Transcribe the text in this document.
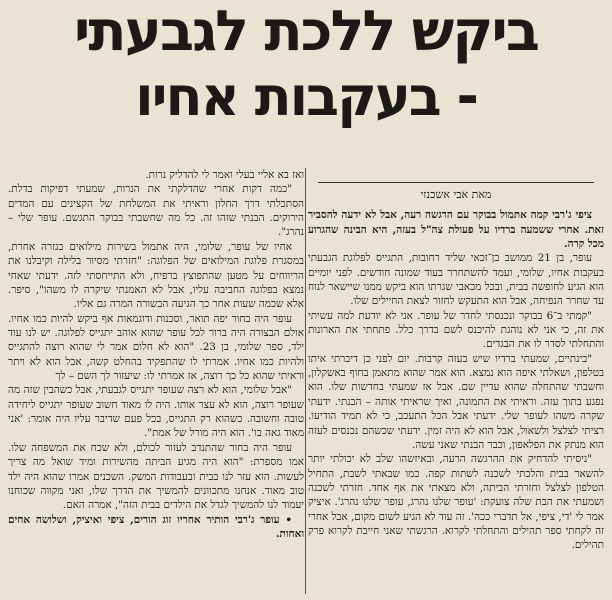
ביקש ללכת לגבעתי
- בעקבות אחיו
מאת אבי אשכנזי

ציפי ג'רבי קמה אתמול בבוקר עם הרגשה רעה, אבל לא ידעה להסביר זאת. אחרי ששמעה ברדיו על פעולת צה"ל בעזה, היא הבינה שהגרוע מכל קרה.

עופר, בן 21 ממושב בן־זכאי שליד רחובות, התגייס לפלוגת הגבעתי בעקבות אחיו, שלומי, ועמד להשתחרר בעוד שמונה חודשים. לפני יומיים הוא הגיע לחופשה בבית, ובכל מכאבי שגרתו הוא ביקש ממנו שיישאר לנוח עד שחרר הנפיחה, אבל הוא התעקש לחזור לצאת החיילים שלו.

"קמתי ב־6 בבוקר ונכנסתי לחדר של עופר. אני לא יודעת למה עשיתי את זה, כי אני לא נוהגת להיכנס לשם בדרך כלל. פתחתי את הארונות והתחלתי לסדר לו את הבגדים.

"בינתיים, שמעתי ברדיו שיש בעזה קרבות. יום לפני כן דיברתי איתו בטלפון, ושאלתי איפה הוא נמצא. הוא אמר שהוא מתאמן בחוף באשקלון, וחשבתי שהתחלה שהוא עדיין שם. אבל אז שמעתי בחדשות שלו. הוא נפגע בתוך עזה. וראיתי את התמונה, ואיך שראיתי אותה – הבנתי. ידעתי שקרה משהו לעופר שלי. ידעתי אבל הכל התעכב, כי לא תמיד הודיעו. רציתי לצלצל ולשאול, אבל הוא לא היה זמין. ידעתי שכשהם נכנסים לעזה הוא מנתק את הפלאפון, וכבר הבנתי שאני עשה.

"ניסיתי להדחיק את ההרגשה הרעה, ובאיזשהו שלב לא יכולתי יותר להשאר בבית והלכתי לשכנה לשתות קפה. כמו שבאתי לשבת, התחיל הטלפון לצלצל וחזרתי הביתה, ולא מצאתי את אף אחד. חזרתי לשכנה ושמעתי את הבת שלה צועקת: 'עופר שלנו נהרג, עופר שלנו נהרג'. איציק אמר לי 'די, ציפי, אל תדברי ככה'. זה עוד לא הגיע לשום מקום, אבל אחרי זה לקחתי ספר תהילים והתחלתי לקרוא. הרגשתי שאני חייבת לקרוא פרק תהילים.

ואז בא אליי בעלי ואמר לי להדליק נרות.

"כמה דקות אחרי שהדלקתי את הנרות, שמעתי דפיקות בדלת. הסתכלתי דרך החלון וראיתי את המשלחת של הקצינים עם המדים הירוקים. הבנתי שזהו זה. כל מה שחשבתי בבוקר התגשם. עופר שלי – נהרג".

אחיו של עופר, שלומי, היה אתמול בשירות מילואים בגזרה אחרת, במסגרת פלוגת המילואים של הפלוגה: "חזרתי מסיור בלילה וקיבלנו את הריווחים על מטען שהתפוצץ ברפיח, ולא התייחסתי לזה. ידעתי שאחי נמצא בפלוגה החביבה עליו, אבל לא האמנתי שיקרה לו משהו", סיפר. אלא שכמה שעות אחר כך הגיעה הבשורה המרה גם אליו.

עופר היה בחור יפה תואר, וסכנות ודוגמאות אף ביקש להיות כמו אחיו. אולם הבצורה היה ברור לכל עופר שהוא אוהב יתגייס לפלוגה. יש לנו עוד ילד, ספר שלומי, בן 23. "הוא לא חלום אמר לי שהוא רוצה להתגייס ולהיות כמו אחיו. אמרתי לו שהתפקיד בהחלט קשה, אבל הוא לא ויתר וראיתי שהוא כל כך רוצה, אז אמרתי לו: שיעזור לך השם – לך

"אבל שלומי, הוא לא רצה שעופר יתגייס לגבעתי, אבל כשהבין שזה מה שעופר רוצה, הוא לא עצר אותו. היה לו מאוד חשוב שעופר יתגייס ליחידה טובה וחשובה. כשהוא רק התגייס, בכל פעם שדיבר עליו היה אומר: 'אני מאוד גאה בו'. הוא היה מורל של אמת".

עופר היה בחור שהתנדב לעזור לכולם, ולא שכח את המשפחה שלו. אמו מספרת: "הוא היה מגיע הביתה מהשירות ומיד שואל מה צריך לעשות. הוא עזר לנו בבית ובעבודות המשק. השכנים אמרו שהוא היה ילד טוב מאוד. אנחנו מתכוונים להמשיך את הדרך שלו, ואני מקווה שכוחנו יעמוד לנו להמשיך לגדל את הילדים בבית הזה", אמרה האם.

• עופר ג'רבי הותיר אחריו זוג הורים, ציפי ואיציק, ושלושה אחים ואחות.
